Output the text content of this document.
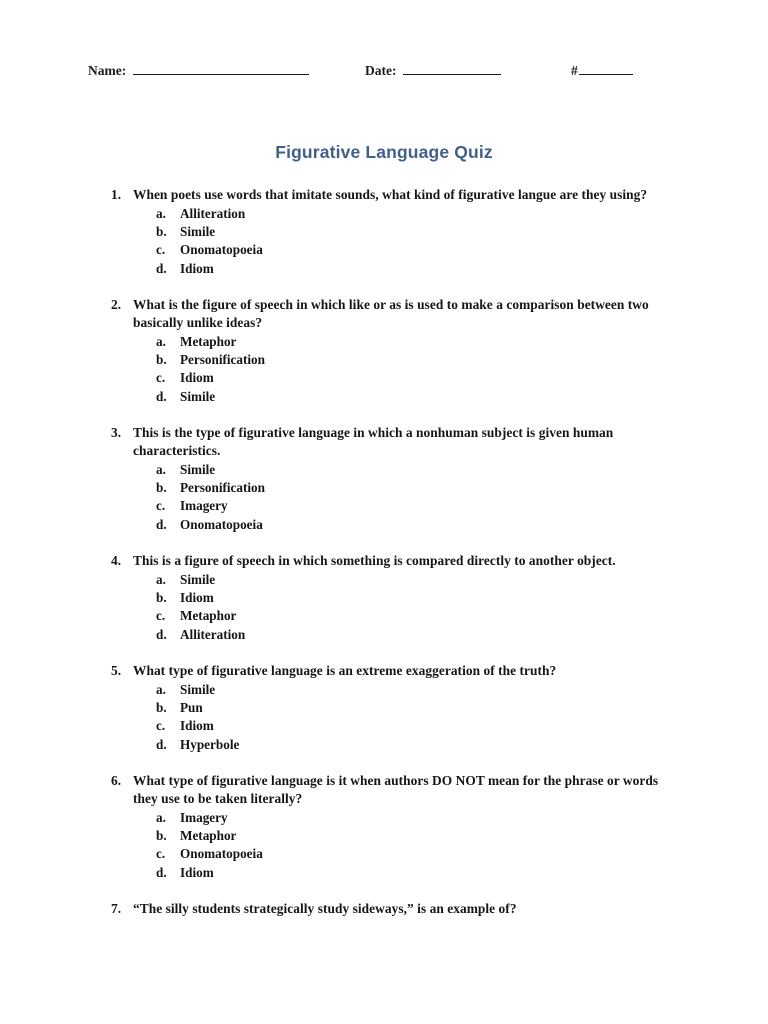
Name:	Date:	#
Figurative Language Quiz
When poets use words that imitate sounds, what kind of figurative langue are they using?
1.
a.	Alliteration
b.	Simile
c.	Onomatopoeia
d.	Idiom
What is the figure of speech in which like or as is used to make a comparison between two basically unlike ideas?
2.
a.	Metaphor
b.	Personification
c.	Idiom
d.	Simile
This is the type of figurative language in which a nonhuman subject is given human characteristics.
3.
a.	Simile
b.	Personification
c.	Imagery
d.	Onomatopoeia
This is a figure of speech in which something is compared directly to another object.
4.
a.	Simile
b.	Idiom
c.	Metaphor
d.	Alliteration
What type of figurative language is an extreme exaggeration of the truth?
5.
a.	Simile
b.	Pun
c.	Idiom
d.	Hyperbole
What type of figurative language is it when authors DO NOT mean for the phrase or words they use to be taken literally?
6.
a.	Imagery
b.	Metaphor
c.	Onomatopoeia
d.	Idiom
“The silly students strategically study sideways,” is an example of?
7.
